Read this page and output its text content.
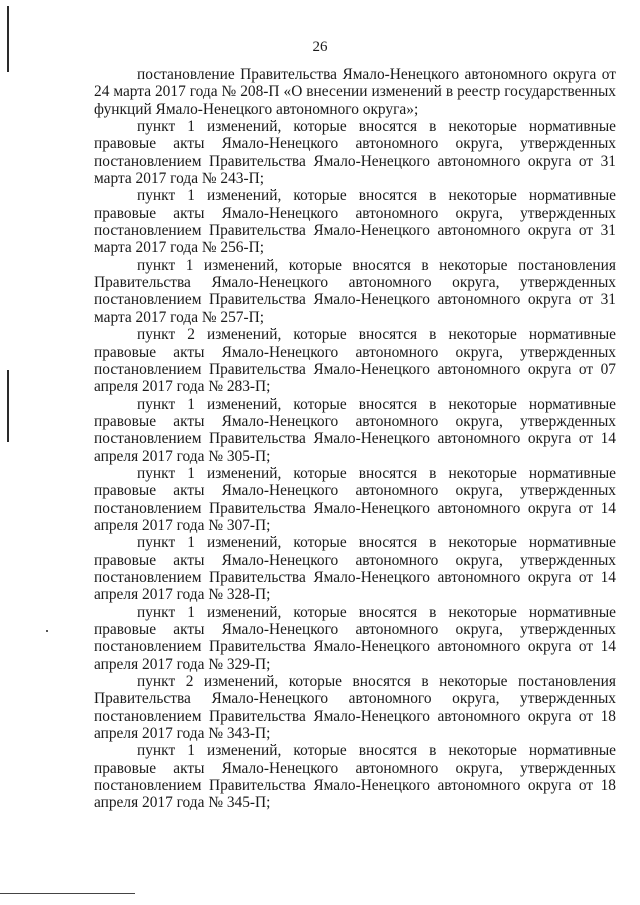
26

постановление Правительства Ямало-Ненецкого автономного округа от 24 марта 2017 года № 208-П «О внесении изменений в реестр государственных функций Ямало-Ненецкого автономного округа»;

пункт 1 изменений, которые вносятся в некоторые нормативные правовые акты Ямало-Ненецкого автономного округа, утвержденных постановлением Правительства Ямало-Ненецкого автономного округа от 31 марта 2017 года № 243-П;

пункт 1 изменений, которые вносятся в некоторые нормативные правовые акты Ямало-Ненецкого автономного округа, утвержденных постановлением Правительства Ямало-Ненецкого автономного округа от 31 марта 2017 года № 256-П;

пункт 1 изменений, которые вносятся в некоторые постановления Правительства Ямало-Ненецкого автономного округа, утвержденных постановлением Правительства Ямало-Ненецкого автономного округа от 31 марта 2017 года № 257-П;

пункт 2 изменений, которые вносятся в некоторые нормативные правовые акты Ямало-Ненецкого автономного округа, утвержденных постановлением Правительства Ямало-Ненецкого автономного округа от 07 апреля 2017 года № 283-П;

пункт 1 изменений, которые вносятся в некоторые нормативные правовые акты Ямало-Ненецкого автономного округа, утвержденных постановлением Правительства Ямало-Ненецкого автономного округа от 14 апреля 2017 года № 305-П;

пункт 1 изменений, которые вносятся в некоторые нормативные правовые акты Ямало-Ненецкого автономного округа, утвержденных постановлением Правительства Ямало-Ненецкого автономного округа от 14 апреля 2017 года № 307-П;

пункт 1 изменений, которые вносятся в некоторые нормативные правовые акты Ямало-Ненецкого автономного округа, утвержденных постановлением Правительства Ямало-Ненецкого автономного округа от 14 апреля 2017 года № 328-П;

пункт 1 изменений, которые вносятся в некоторые нормативные правовые акты Ямало-Ненецкого автономного округа, утвержденных постановлением Правительства Ямало-Ненецкого автономного округа от 14 апреля 2017 года № 329-П;

пункт 2 изменений, которые вносятся в некоторые постановления Правительства Ямало-Ненецкого автономного округа, утвержденных постановлением Правительства Ямало-Ненецкого автономного округа от 18 апреля 2017 года № 343-П;

пункт 1 изменений, которые вносятся в некоторые нормативные правовые акты Ямало-Ненецкого автономного округа, утвержденных постановлением Правительства Ямало-Ненецкого автономного округа от 18 апреля 2017 года № 345-П;
